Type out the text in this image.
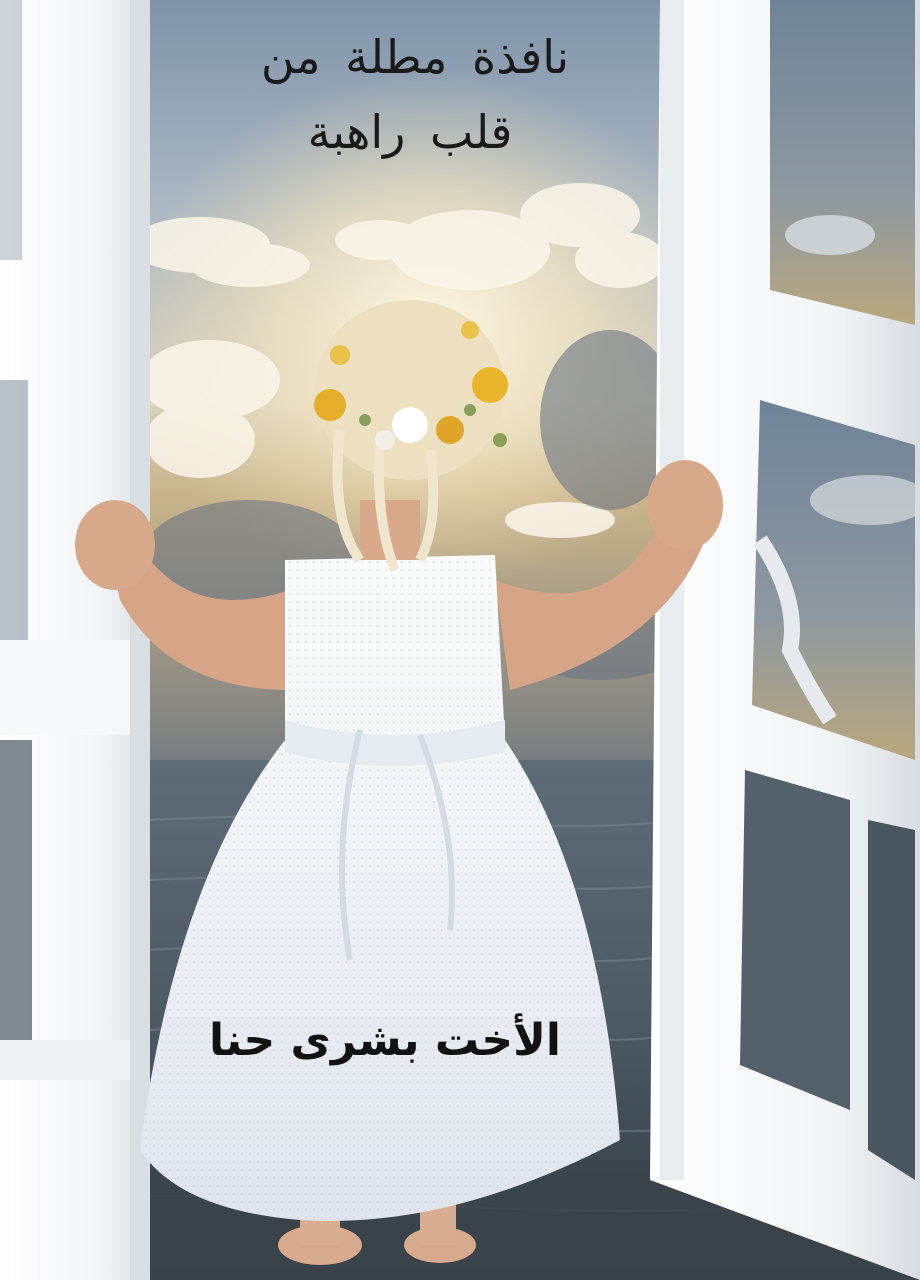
نافذة مطلة من
قلب راهبة
الأخت بشرى حنا
